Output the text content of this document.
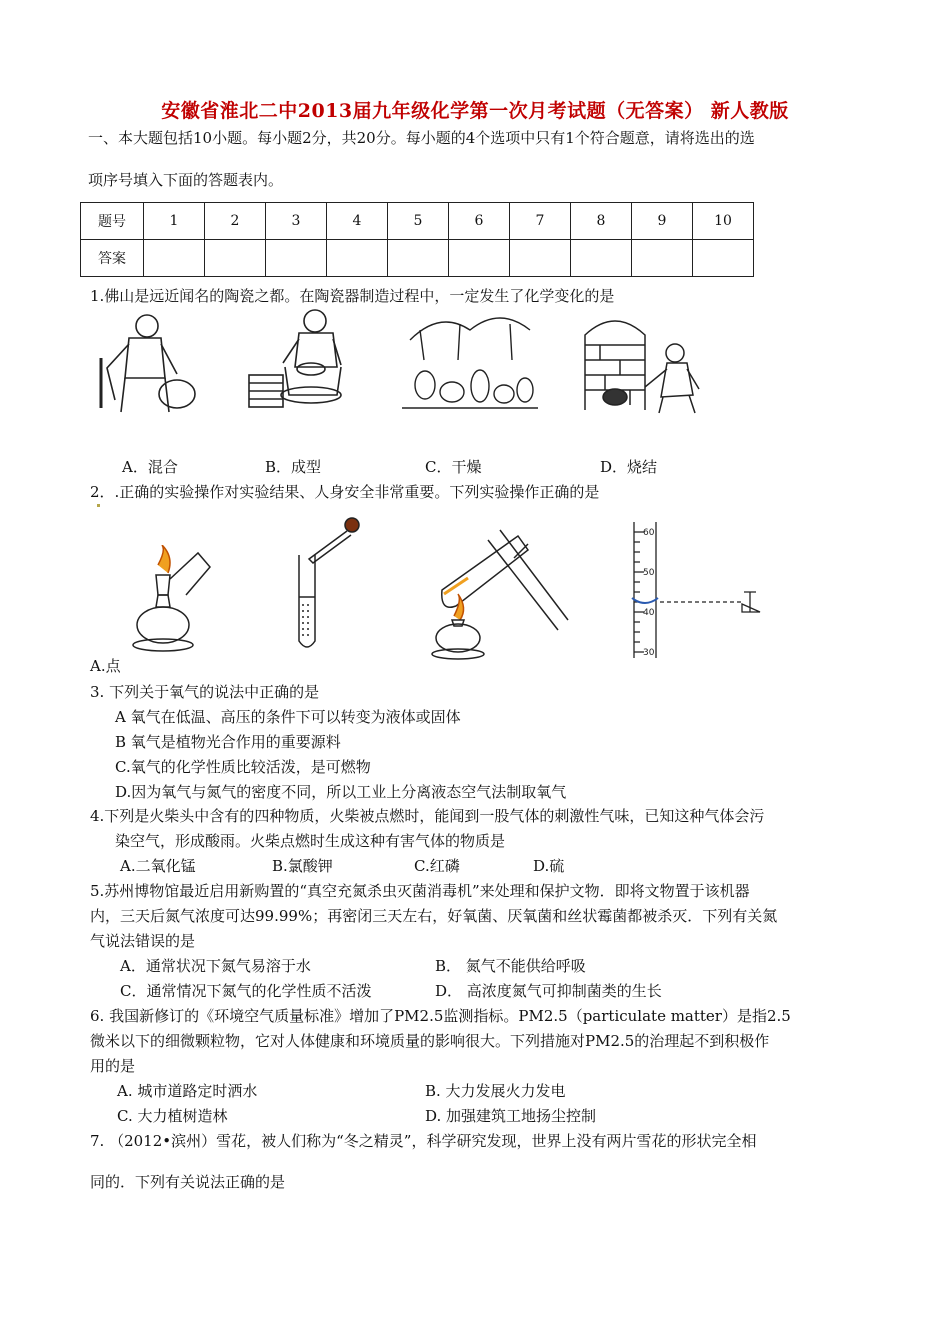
安徽省淮北二中2013届九年级化学第一次月考试题（无答案） 新人教版
一、本大题包括10小题。每小题2分，共20分。每小题的4个选项中只有1个符合题意，请将选出的选
项序号填入下面的答题表内。
题号	1	2	3	4	5	6	7	8	9	10
答案										
1.佛山是远近闻名的陶瓷之都。在陶瓷器制造过程中，一定发生了化学变化的是
A．混合	B．成型	C．干燥	D．烧结
2．.正确的实验操作对实验结果、人身安全非常重要。下列实验操作正确的是
60
50
40
30
A.点
3. 下列关于氧气的说法中正确的是
A 氧气在低温、高压的条件下可以转变为液体或固体
B 氧气是植物光合作用的重要源料
C.氧气的化学性质比较活泼，是可燃物
D.因为氧气与氮气的密度不同，所以工业上分离液态空气法制取氧气
4.下列是火柴头中含有的四种物质，火柴被点燃时，能闻到一股气体的刺激性气味，已知这种气体会污
染空气，形成酸雨。火柴点燃时生成这种有害气体的物质是
A.二氧化锰	B.氯酸钾	C.红磷	D.硫
5.苏州博物馆最近启用新购置的“真空充氮杀虫灭菌消毒机”来处理和保护文物．即将文物置于该机器
内，三天后氮气浓度可达99.99%；再密闭三天左右，好氧菌、厌氧菌和丝状霉菌都被杀灭．下列有关氮
气说法错误的是
A．通常状况下氮气易溶于水	B． 氮气不能供给呼吸
C．通常情况下氮气的化学性质不活泼	D． 高浓度氮气可抑制菌类的生长
6. 我国新修订的《环境空气质量标准》增加了PM2.5监测指标。PM2.5（particulate matter）是指2.5
微米以下的细微颗粒物，它对人体健康和环境质量的影响很大。下列措施对PM2.5的治理起不到积极作
用的是
A. 城市道路定时洒水	B. 大力发展火力发电
C. 大力植树造林	D. 加强建筑工地扬尘控制
7. （2012•滨州）雪花，被人们称为“冬之精灵”，科学研究发现，世界上没有两片雪花的形状完全相
同的．下列有关说法正确的是
